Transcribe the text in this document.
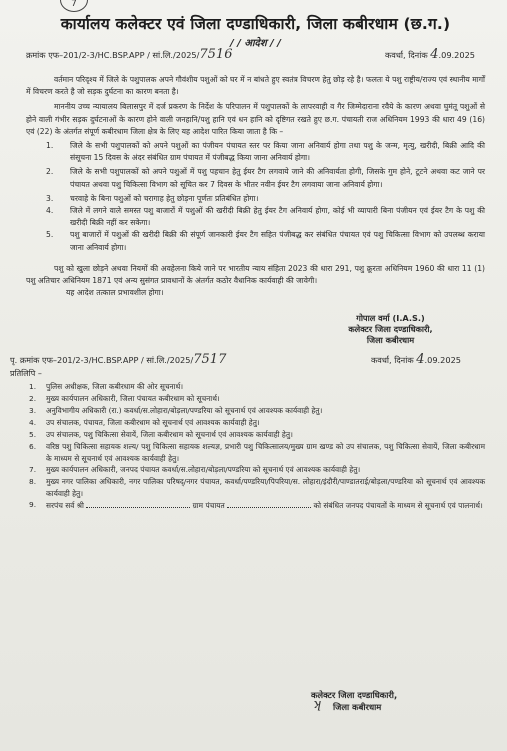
7
कार्यालय कलेक्टर एवं जिला दण्डाधिकारी, जिला कबीरधाम (छ.ग.)
/ / आदेश / /
क्रमांक एफ–201/2-3/HC.BSP.APP / सां.लि./2025/7516	कवर्धा, दिनांक 4.09.2025

वर्तमान परिदृश्य में जिले के पशुपालक अपने गौवंशीय पशुओं को घर में न बांधते हुए स्वतंत्र विचरण हेतु छोड़ रहे है। फलतः ये पशु राष्ट्रीय/राज्य एवं स्थानीय मार्गों में विचरण करते है जो सड़क दुर्घटना का कारण बनता है।

माननीय उच्च न्यायालय बिलासपुर में दर्ज प्रकरण के निर्देश के परिपालन में पशुपालकों के लापरवाही व गैर जिम्मेदाराना रवैये के कारण अथवा घुमंतू पशुओं से होने वाली गंभीर सड़क दुर्घटनाओं के कारण होने वाली जनहानि/पशु हानि एवं धन हानि को दृष्टिगत रखते हुए छ.ग. पंचायती राज अधिनियम 1993 की धारा 49 (16) एवं (22) के अंतर्गत संपूर्ण कबीरधाम जिला क्षेत्र के लिए यह आदेश पारित किया जाता है कि –

1. जिले के सभी पशुपालकों को अपने पशुओं का पंजीयन पंचायत स्तर पर किया जाना अनिवार्य होगा तथा पशु के जन्म, मृत्यु, खरीदी, बिक्री आदि की संसूचना 15 दिवस के अंदर संबंधित ग्राम पंचायत में पंजीबद्ध किया जाना अनिवार्य होगा।
2. जिले के सभी पशुपालकों को अपने पशुओं में पशु पहचान हेतु ईयर टैग लगवाये जाने की अनिवार्यता होगी, जिसके गुम होने, टूटने अथवा कट जाने पर पंचायत अथवा पशु चिकित्सा विभाग को सूचित कर 7 दिवस के भीतर नवीन ईयर टैग लगवाया जाना अनिवार्य होगा।
3. चरवाहे के बिना पशुओं को चरागाह हेतु छोड़ना पूर्णतः प्रतिबंधित होगा।
4. जिले में लगने वाले समस्त पशु बाजारों में पशुओं की खरीदी बिक्री हेतु ईयर टैग अनिवार्य होगा, कोई भी व्यापारी बिना पंजीयन एवं ईयर टैग के पशु की खरीदी बिक्री नहीं कर सकेगा।
5. पशु बाजारों में पशुओं की खरीदी बिक्री की संपूर्ण जानकारी ईयर टैग सहित पंजीबद्ध कर संबंधित पंचायत एवं पशु चिकित्सा विभाग को उपलब्ध कराया जाना अनिवार्य होगा।

पशु को खुला छोड़ने अथवा नियमों की अवहेलना किये जाने पर भारतीय न्याय संहिता 2023 की धारा 291, पशु क्रूरता अधिनियम 1960 की धारा 11 (1) पशु अतिचार अधिनियम 1871 एवं अन्य सुसंगत प्रावधानों के अंतर्गत कठोर वैधानिक कार्यवाही की जावेगी।

यह आदेश तत्काल प्रभावशील होगा।

गोपाल वर्मा (I.A.S.)
कलेक्टर जिला दण्डाधिकारी,
जिला कबीरधाम
पृ. क्रमांक एफ–201/2-3/HC.BSP.APP / सां.लि./2025/7517	कवर्धा, दिनांक 4.09.2025
प्रतिलिपि –
1. पुलिस अधीक्षक, जिला कबीरधाम की ओर सूचनार्थ।
2. मुख्य कार्यपालन अधिकारी, जिला पंचायत कबीरधाम को सूचनार्थ।
3. अनुविभागीय अधिकारी (रा.) कवर्धा/स.लोहारा/बोड़ला/पण्डरिया को सूचनार्थ एवं आवश्यक कार्यवाही हेतु।
4. उप संचालक, पंचायत, जिला कबीरधाम को सूचनार्थ एवं आवश्यक कार्यवाही हेतु।
5. उप संचालक, पशु चिकित्सा सेवायें, जिला कबीरधाम को सूचनार्थ एवं आवश्यक कार्यवाही हेतु।
6. वरिष्ठ पशु चिकित्सा सहायक शल्य/ पशु चिकित्सा सहायक शल्यज्ञ, प्रभारी पशु चिकित्सालय/मुख्य ग्राम खण्ड को उप संचालक, पशु चिकित्सा सेवायें, जिला कबीरधाम के माध्यम से सूचनार्थ एवं आवश्यक कार्यवाही हेतु।
7. मुख्य कार्यपालन अधिकारी, जनपद पंचायत कवर्धा/स.लोहारा/बोड़ला/पण्डरिया को सूचनार्थ एवं आवश्यक कार्यवाही हेतु।
8. मुख्य नगर पालिका अधिकारी, नगर पालिका परिषद्/नगर पंचायत, कवर्धा/पण्डरिया/पिपरिया/स. लोहारा/इंदौरी/पाण्डातराई/बोड़ला/पण्डरिया को सूचनार्थ एवं आवश्यक कार्यवाही हेतु।
9. सरपंच सर्व श्री	ग्राम पंचायत	को संबंधित जनपद पंचायतों के माध्यम से सूचनार्थ एवं पालनार्थ।
कलेक्टर जिला दण्डाधिकारी,
ʞ जिला कबीरधाम
